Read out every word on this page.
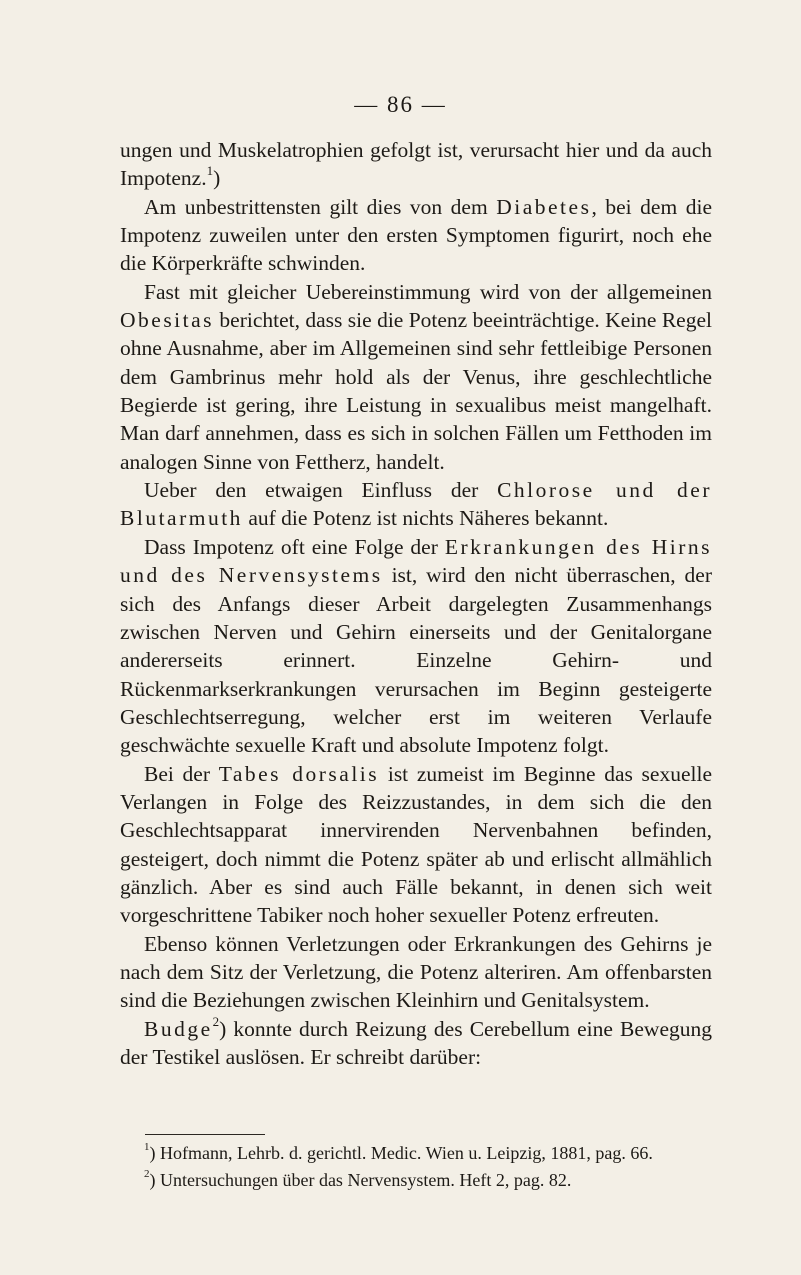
— 86 —

ungen und Muskelatrophien gefolgt ist, verursacht hier und da auch Impotenz.$^1$)

Am unbestrittensten gilt dies von dem Diabetes, bei dem die Impotenz zuweilen unter den ersten Symptomen figurirt, noch ehe die Körperkräfte schwinden.

Fast mit gleicher Uebereinstimmung wird von der allgemeinen Obesitas berichtet, dass sie die Potenz beeinträchtige. Keine Regel ohne Ausnahme, aber im Allgemeinen sind sehr fettleibige Personen dem Gambrinus mehr hold als der Venus, ihre geschlechtliche Begierde ist gering, ihre Leistung in sexualibus meist mangelhaft. Man darf annehmen, dass es sich in solchen Fällen um Fetthoden im analogen Sinne von Fettherz, handelt.

Ueber den etwaigen Einfluss der Chlorose und der Blutarmuth auf die Potenz ist nichts Näheres bekannt.

Dass Impotenz oft eine Folge der Erkrankungen des Hirns und des Nervensystems ist, wird den nicht überraschen, der sich des Anfangs dieser Arbeit dargelegten Zusammenhangs zwischen Nerven und Gehirn einerseits und der Genitalorgane andererseits erinnert. Einzelne Gehirn- und Rückenmarkserkrankungen verursachen im Beginn gesteigerte Geschlechtserregung, welcher erst im weiteren Verlaufe geschwächte sexuelle Kraft und absolute Impotenz folgt.

Bei der Tabes dorsalis ist zumeist im Beginne das sexuelle Verlangen in Folge des Reizzustandes, in dem sich die den Geschlechtsapparat innervirenden Nervenbahnen befinden, gesteigert, doch nimmt die Potenz später ab und erlischt allmählich gänzlich. Aber es sind auch Fälle bekannt, in denen sich weit vorgeschrittene Tabiker noch hoher sexueller Potenz erfreuten.

Ebenso können Verletzungen oder Erkrankungen des Gehirns je nach dem Sitz der Verletzung, die Potenz alteriren. Am offenbarsten sind die Beziehungen zwischen Kleinhirn und Genitalsystem.

Budge$^2$) konnte durch Reizung des Cerebellum eine Bewegung der Testikel auslösen. Er schreibt darüber:

$^1$) Hofmann, Lehrb. d. gerichtl. Medic. Wien u. Leipzig, 1881, pag. 66.
$^2$) Untersuchungen über das Nervensystem. Heft 2, pag. 82.
